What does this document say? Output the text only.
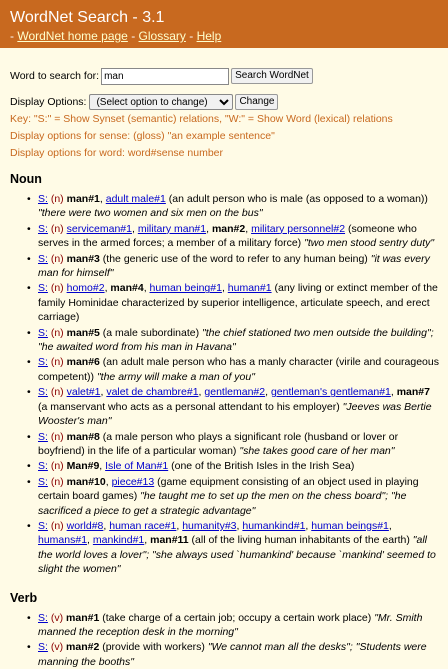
WordNet Search - 3.1
- WordNet home page - Glossary - Help
Word to search for:
man	Search WordNet
Display Options:
(Select option to change)	Change
Key: "S:" = Show Synset (semantic) relations, "W:" = Show Word (lexical) relations
Display options for sense: (gloss) "an example sentence"
Display options for word: word#sense number
Noun
• S: (n) man#1, adult male#1 (an adult person who is male (as opposed to a woman)) "there were two women and six men on the bus"
• S: (n) serviceman#1, military man#1, man#2, military personnel#2 (someone who serves in the armed forces; a member of a military force) "two men stood sentry duty"
• S: (n) man#3 (the generic use of the word to refer to any human being) "it was every man for himself"
• S: (n) homo#2, man#4, human being#1, human#1 (any living or extinct member of the family Hominidae characterized by superior intelligence, articulate speech, and erect carriage)
• S: (n) man#5 (a male subordinate) "the chief stationed two men outside the building"; "he awaited word from his man in Havana"
• S: (n) man#6 (an adult male person who has a manly character (virile and courageous competent)) "the army will make a man of you"
• S: (n) valet#1, valet de chambre#1, gentleman#2, gentleman's gentleman#1, man#7 (a manservant who acts as a personal attendant to his employer) "Jeeves was Bertie Wooster's man"
• S: (n) man#8 (a male person who plays a significant role (husband or lover or boyfriend) in the life of a particular woman) "she takes good care of her man"
• S: (n) Man#9, Isle of Man#1 (one of the British Isles in the Irish Sea)
• S: (n) man#10, piece#13 (game equipment consisting of an object used in playing certain board games) "he taught me to set up the men on the chess board"; "he sacrificed a piece to get a strategic advantage"
• S: (n) world#8, human race#1, humanity#3, humankind#1, human beings#1, humans#1, mankind#1, man#11 (all of the living human inhabitants of the earth) "all the world loves a lover"; "she always used `humankind' because `mankind' seemed to slight the women"
Verb
• S: (v) man#1 (take charge of a certain job; occupy a certain work place) "Mr. Smith manned the reception desk in the morning"
• S: (v) man#2 (provide with workers) "We cannot man all the desks"; "Students were manning the booths"
